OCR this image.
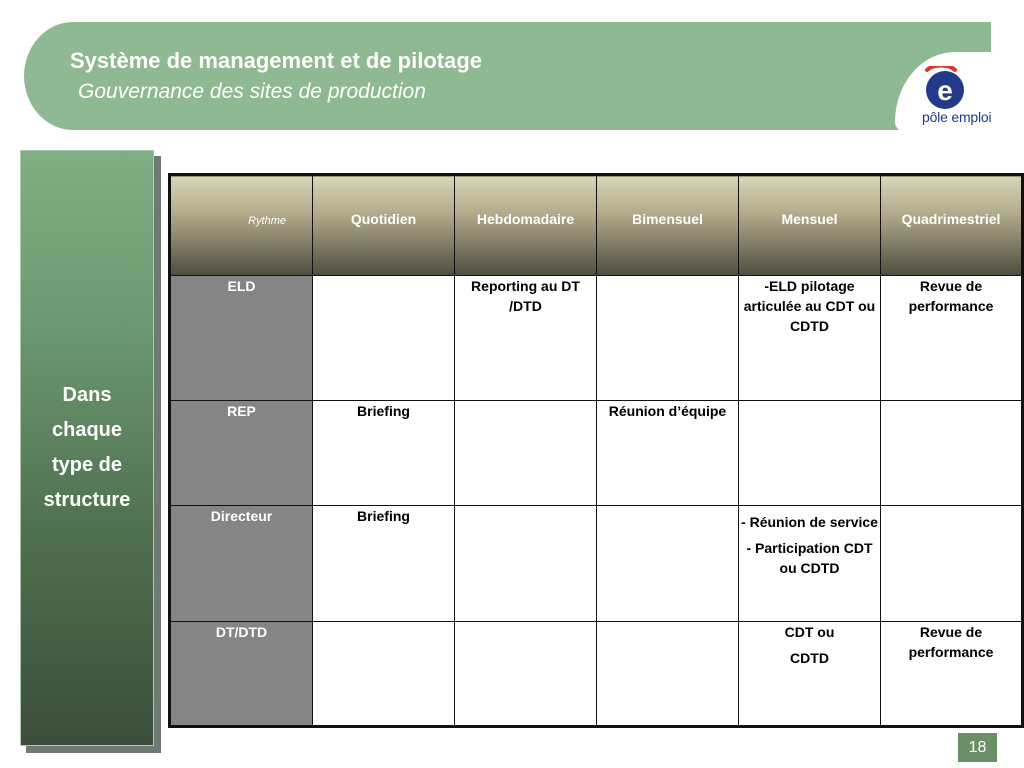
Système de management et de pilotage
Gouvernance des sites de production	e
pôle emploi
Dans
chaque
type de
structure
Rythme	Quotidien	Hebdomadaire	Bimensuel	Mensuel	Quadrimestriel
ELD		Reporting au DT /DTD		-ELD pilotage articulée au CDT ou CDTD	Revue de performance

REP	Briefing		Réunion d’équipe		

Directeur	Briefing			- Réunion de service
- Participation CDT ou CDTD	

DT/DTD				CDT ou
CDTD	Revue de performance
18
